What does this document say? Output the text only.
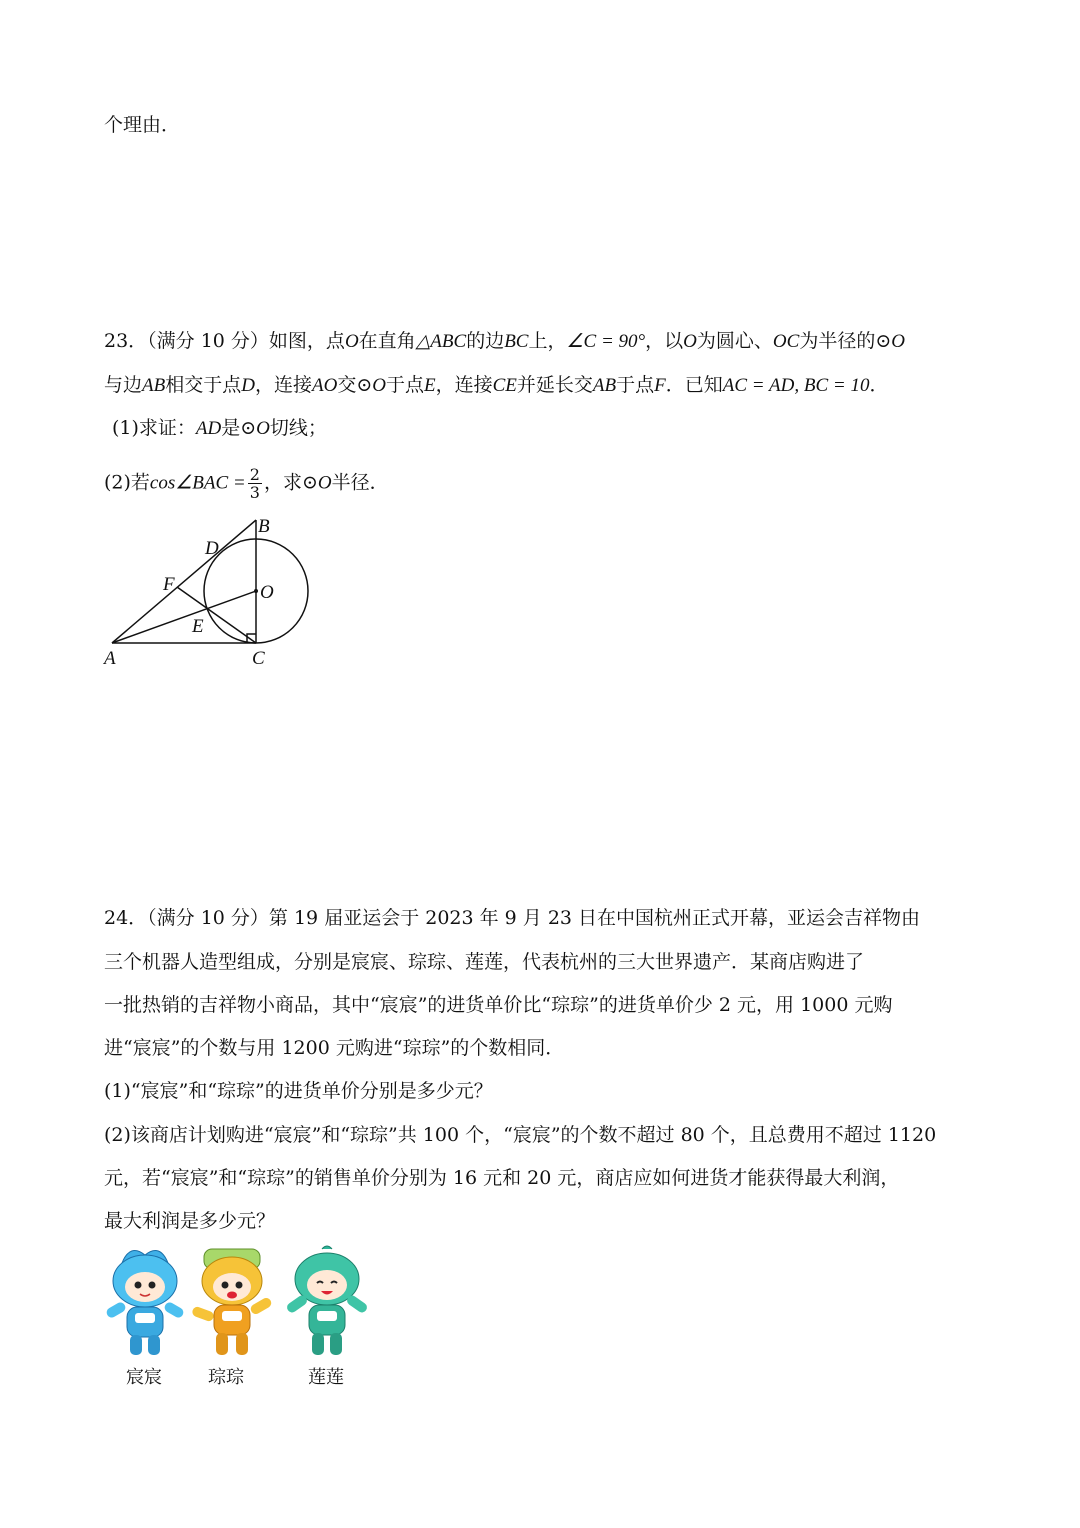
个理由．
23．（满分 10 分）如图，点O在直角△ABC的边BC上，∠C = 90°，以O为圆心、OC为半径的⊙O
与边AB相交于点D，连接AO交⊙O于点E，连接CE并延长交AB于点F．已知AC = AD, BC = 10．
(1)求证：AD是⊙O切线；
(2)若cos∠BAC = $\frac{2}{3}$ ，求⊙O半径．
B
D
F	O
E
A	C
24．（满分 10 分）第 19 届亚运会于 2023 年 9 月 23 日在中国杭州正式开幕，亚运会吉祥物由
三个机器人造型组成，分别是宸宸、琮琮、莲莲，代表杭州的三大世界遗产．某商店购进了
一批热销的吉祥物小商品，其中“宸宸”的进货单价比“琮琮”的进货单价少 2 元，用 1000 元购
进“宸宸”的个数与用 1200 元购进“琮琮”的个数相同．
(1)“宸宸”和“琮琮”的进货单价分别是多少元？
(2)该商店计划购进“宸宸”和“琮琮”共 100 个，“宸宸”的个数不超过 80 个，且总费用不超过 1120
元，若“宸宸”和“琮琮”的销售单价分别为 16 元和 20 元，商店应如何进货才能获得最大利润，
最大利润是多少元？
宸宸	琮琮	莲莲
